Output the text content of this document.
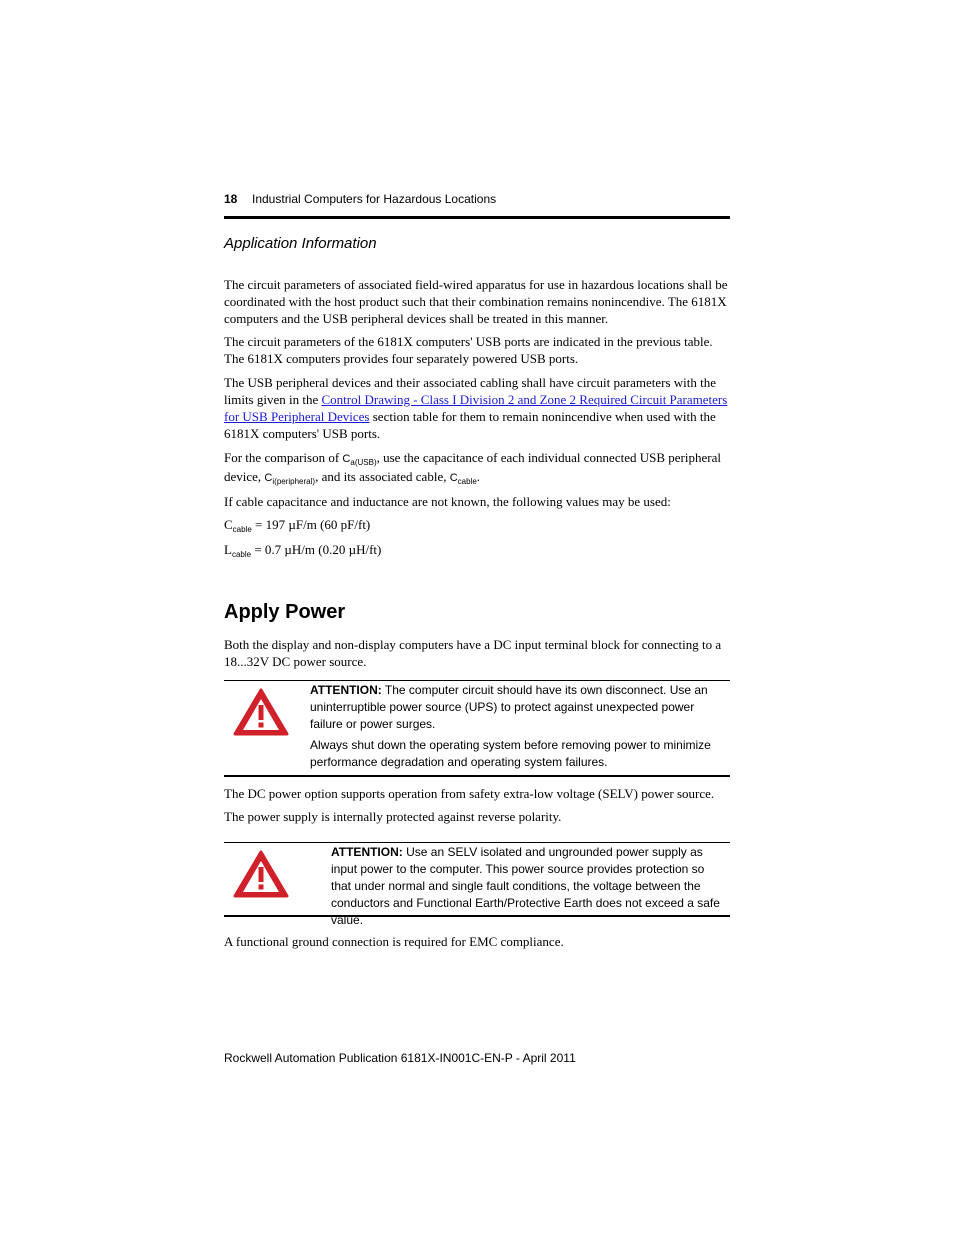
18 Industrial Computers for Hazardous Locations
Application Information

The circuit parameters of associated field-wired apparatus for use in hazardous locations shall be coordinated with the host product such that their combination remains nonincendive. The 6181X computers and the USB peripheral devices shall be treated in this manner.

The circuit parameters of the 6181X computers' USB ports are indicated in the previous table. The 6181X computers provides four separately powered USB ports.

The USB peripheral devices and their associated cabling shall have circuit parameters with the limits given in the Control Drawing - Class I Division 2 and Zone 2 Required Circuit Parameters for USB Peripheral Devices section table for them to remain nonincendive when used with the 6181X computers' USB ports.

For the comparison of $C_{a(USB)}$, use the capacitance of each individual connected USB peripheral device, $C_{i(peripheral)}$, and its associated cable, $C_{cable}$.

If cable capacitance and inductance are not known, the following values may be used:

$C_{cable} = 197$ µF/m (60 pF/ft)

$L_{cable} = 0.7$ µH/m (0.20 µH/ft)

Apply Power

Both the display and non-display computers have a DC input terminal block for connecting to a 18...32V DC power source.

ATTENTION: The computer circuit should have its own disconnect. Use an uninterruptible power source (UPS) to protect against unexpected power failure or power surges.

Always shut down the operating system before removing power to minimize performance degradation and operating system failures.

The DC power option supports operation from safety extra-low voltage (SELV) power source.

The power supply is internally protected against reverse polarity.

ATTENTION: Use an SELV isolated and ungrounded power supply as input power to the computer. This power source provides protection so that under normal and single fault conditions, the voltage between the conductors and Functional Earth/Protective Earth does not exceed a safe value.

A functional ground connection is required for EMC compliance.

Rockwell Automation Publication 6181X-IN001C-EN-P - April 2011
